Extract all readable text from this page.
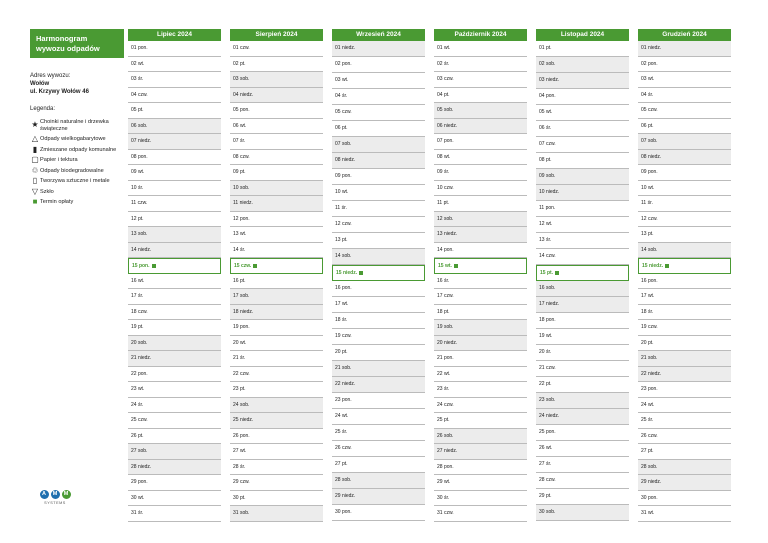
Harmonogram wywozu odpadów
Adres wywozu:
Wołów
ul. Krzywy Wołów 46
Legenda:
★ Choinki naturalne i drzewka świąteczne
△ Odpady wielkogabarytowe
▮ Zmieszane odpady komunalne
▢ Papier i tektura
♲ Odpady biodegradowalne
▯ Tworzywa sztuczne i metale
▽ Szkło
■ Termin opłaty
A	M	M
SYSTEMS
Lipiec 2024
01 pon.
02 wt.
03 śr.
04 czw.
05 pt.
06 sob.
07 niedz.
08 pon.
09 wt.
10 śr.
11 czw.
12 pt.
13 sob.
14 niedz.
15 pon.
16 wt.
17 śr.
18 czw.
19 pt.
20 sob.
21 niedz.
22 pon.
23 wt.
24 śr.
25 czw.
26 pt.
27 sob.
28 niedz.
29 pon.
30 wt.
31 śr.
Sierpień 2024
01 czw.
02 pt.
03 sob.
04 niedz.
05 pon.
06 wt.
07 śr.
08 czw.
09 pt.
10 sob.
11 niedz.
12 pon.
13 wt.
14 śr.
15 czw.
16 pt.
17 sob.
18 niedz.
19 pon.
20 wt.
21 śr.
22 czw.
23 pt.
24 sob.
25 niedz.
26 pon.
27 wt.
28 śr.
29 czw.
30 pt.
31 sob.
Wrzesień 2024
01 niedz.
02 pon.
03 wt.
04 śr.
05 czw.
06 pt.
07 sob.
08 niedz.
09 pon.
10 wt.
11 śr.
12 czw.
13 pt.
14 sob.
15 niedz.
16 pon.
17 wt.
18 śr.
19 czw.
20 pt.
21 sob.
22 niedz.
23 pon.
24 wt.
25 śr.
26 czw.
27 pt.
28 sob.
29 niedz.
30 pon.
Październik 2024
01 wt.
02 śr.
03 czw.
04 pt.
05 sob.
06 niedz.
07 pon.
08 wt.
09 śr.
10 czw.
11 pt.
12 sob.
13 niedz.
14 pon.
15 wt.
16 śr.
17 czw.
18 pt.
19 sob.
20 niedz.
21 pon.
22 wt.
23 śr.
24 czw.
25 pt.
26 sob.
27 niedz.
28 pon.
29 wt.
30 śr.
31 czw.
Listopad 2024
01 pt.
02 sob.
03 niedz.
04 pon.
05 wt.
06 śr.
07 czw.
08 pt.
09 sob.
10 niedz.
11 pon.
12 wt.
13 śr.
14 czw.
15 pt.
16 sob.
17 niedz.
18 pon.
19 wt.
20 śr.
21 czw.
22 pt.
23 sob.
24 niedz.
25 pon.
26 wt.
27 śr.
28 czw.
29 pt.
30 sob.
Grudzień 2024
01 niedz.
02 pon.
03 wt.
04 śr.
05 czw.
06 pt.
07 sob.
08 niedz.
09 pon.
10 wt.
11 śr.
12 czw.
13 pt.
14 sob.
15 niedz.
16 pon.
17 wt.
18 śr.
19 czw.
20 pt.
21 sob.
22 niedz.
23 pon.
24 wt.
25 śr.
26 czw.
27 pt.
28 sob.
29 niedz.
30 pon.
31 wt.
